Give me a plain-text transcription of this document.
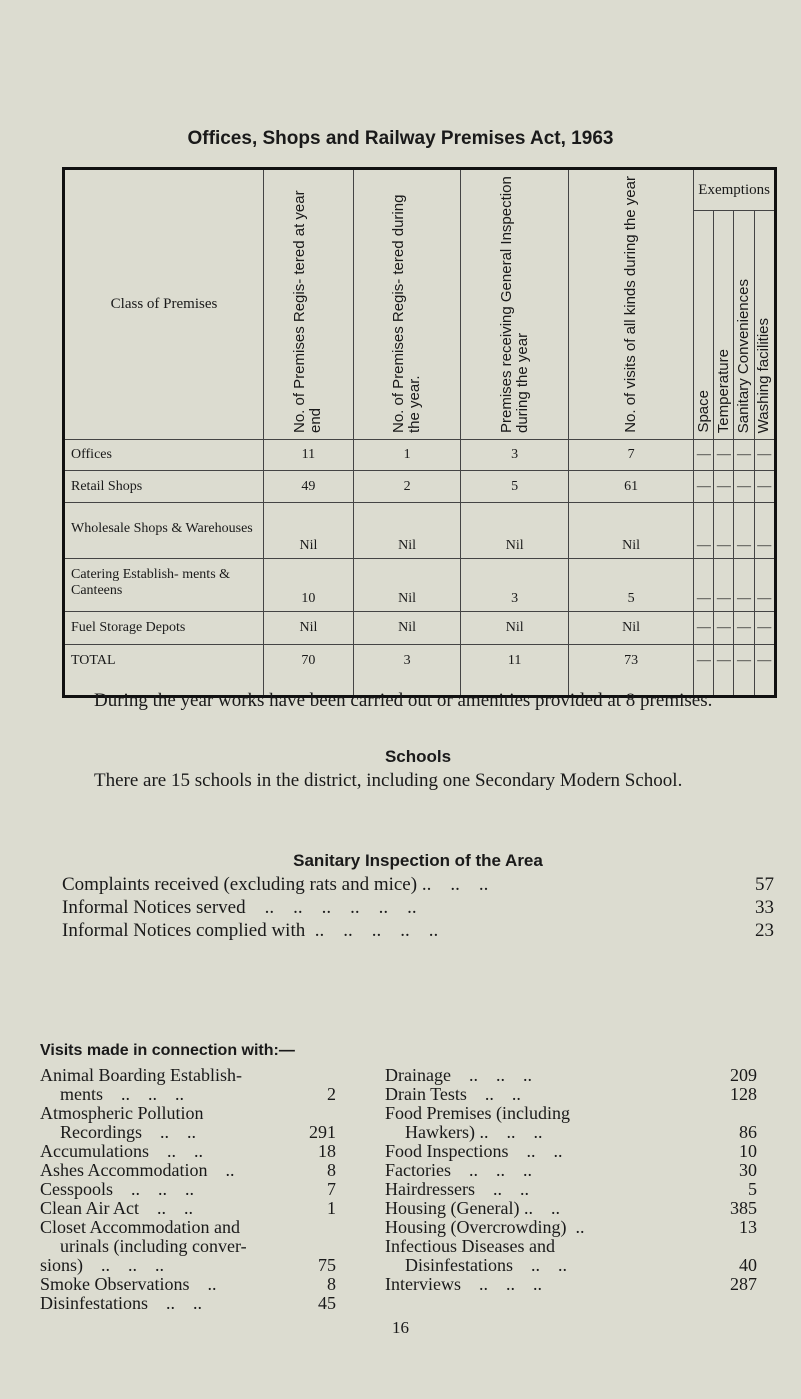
Offices, Shops and Railway Premises Act, 1963
Class of Premises	No. of Premises Regis- tered at year end	No. of Premises Regis- tered during the year.	Premises receiving General Inspection during the year	No. of visits of all kinds during the year	Exemptions			

					Space	Temperature	Sanitary Conveniences	Washing facilities

Offices	11	1	3	7	—	—	—	—
Retail Shops	49	2	5	61	—	—	—	—
Wholesale Shops & Warehouses	Nil	Nil	Nil	Nil	—	—	—	—
Catering Establish- ments & Canteens	10	Nil	3	5	—	—	—	—
Fuel Storage Depots	Nil	Nil	Nil	Nil	—	—	—	—
TOTAL	70	3	11	73	—	—	—	—
During the year works have been carried out or amenities provided at 8 premises.
Schools
There are 15 schools in the district, including one Secondary Modern School.
Sanitary Inspection of the Area
Complaints received (excluding rats and mice) ..    ..    ..	57
Informal Notices served    ..    ..    ..    ..    ..    ..	33
Informal Notices complied with  ..    ..    ..    ..    ..	23
Visits made in connection with:—
Animal Boarding Establish-
ments    ..    ..    ..	2
Atmospheric Pollution
Recordings    ..    ..	291
Accumulations    ..    ..	18
Ashes Accommodation    ..	8
Cesspools    ..    ..    ..	7
Clean Air Act    ..    ..	1
Closet Accommodation and
urinals (including conver-
sions)    ..    ..    ..	75
Smoke Observations    ..	8
Disinfestations    ..    ..	45
Drainage    ..    ..    ..	209
Drain Tests    ..    ..	128
Food Premises (including
Hawkers) ..    ..    ..	86
Food Inspections    ..    ..	10
Factories    ..    ..    ..	30
Hairdressers    ..    ..	5
Housing (General) ..    ..	385
Housing (Overcrowding)  ..	13
Infectious Diseases and
Disinfestations    ..    ..	40
Interviews    ..    ..    ..	287
16
